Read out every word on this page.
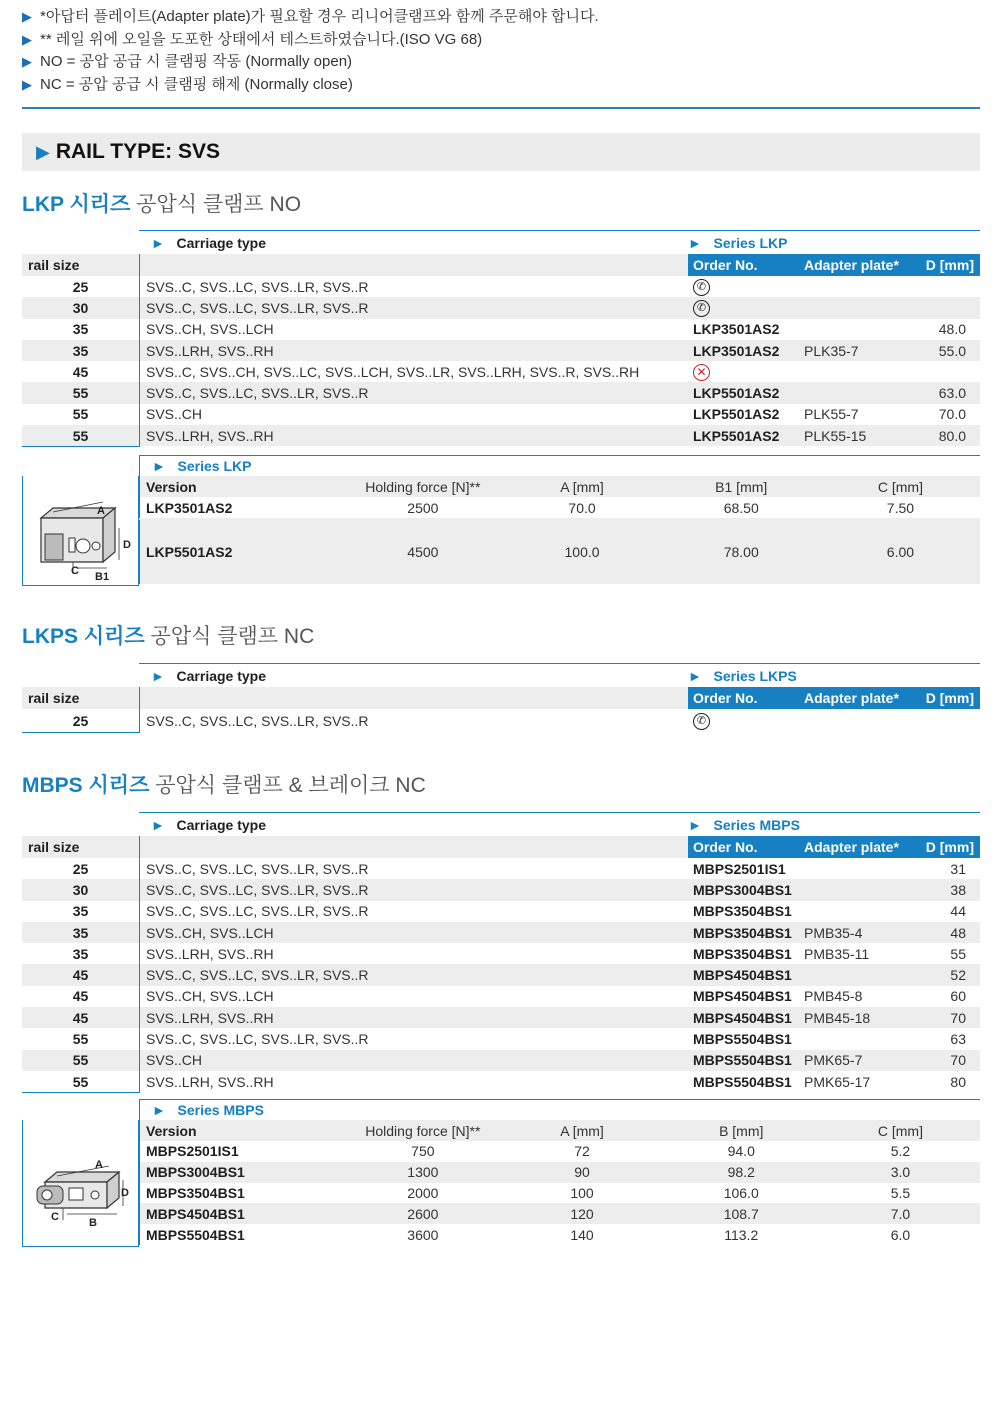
▶ *아답터 플레이트(Adapter plate)가 필요할 경우 리니어클램프와 함께 주문해야 합니다.
▶ ** 레일 위에 오일을 도포한 상태에서 테스트하였습니다.(ISO VG 68)
▶ NO = 공압 공급 시 클램핑 작동 (Normally open)
▶ NC = 공압 공급 시 클램핑 해제 (Normally close)
▶ RAIL TYPE: SVS
LKP 시리즈 공압식 클램프 NO
► Carriage type	► Series LKP
rail size	Order No.	Adapter plate*	D [mm]
25	SVS..C, SVS..LC, SVS..LR, SVS..R	✆
30	SVS..C, SVS..LC, SVS..LR, SVS..R	✆
35	SVS..CH, SVS..LCH	LKP3501AS2	48.0
35	SVS..LRH, SVS..RH	LKP3501AS2	PLK35-7	55.0
45	SVS..C, SVS..CH, SVS..LC, SVS..LCH, SVS..LR, SVS..LRH, SVS..R, SVS..RH	✕
55	SVS..C, SVS..LC, SVS..LR, SVS..R	LKP5501AS2	63.0
55	SVS..CH	LKP5501AS2	PLK55-7	70.0
55	SVS..LRH, SVS..RH	LKP5501AS2	PLK55-15	80.0
► Series LKP
Version	Holding force [N]**	A [mm]	B1 [mm]	C [mm]
LKP3501AS2	2500	70.0	68.50	7.50
LKP5501AS2	4500	100.0	78.00	6.00
A
D
C B1
LKPS 시리즈 공압식 클램프 NC
► Carriage type	► Series LKPS
rail size	Order No.	Adapter plate*	D [mm]
25	SVS..C, SVS..LC, SVS..LR, SVS..R	✆
MBPS 시리즈 공압식 클램프 & 브레이크 NC
► Carriage type	► Series MBPS
rail size	Order No.	Adapter plate*	D [mm]
25	SVS..C, SVS..LC, SVS..LR, SVS..R	MBPS2501IS1	31
30	SVS..C, SVS..LC, SVS..LR, SVS..R	MBPS3004BS1	38
35	SVS..C, SVS..LC, SVS..LR, SVS..R	MBPS3504BS1	44
35	SVS..CH, SVS..LCH	MBPS3504BS1 PMB35-4	48
35	SVS..LRH, SVS..RH	MBPS3504BS1 PMB35-11	55
45	SVS..C, SVS..LC, SVS..LR, SVS..R	MBPS4504BS1	52
45	SVS..CH, SVS..LCH	MBPS4504BS1 PMB45-8	60
45	SVS..LRH, SVS..RH	MBPS4504BS1 PMB45-18	70
55	SVS..C, SVS..LC, SVS..LR, SVS..R	MBPS5504BS1	63
55	SVS..CH	MBPS5504BS1 PMK65-7	70
55	SVS..LRH, SVS..RH	MBPS5504BS1 PMK65-17	80
► Series MBPS
Version	Holding force [N]**	A [mm]	B [mm]	C [mm]
MBPS2501IS1	750	72	94.0	5.2
MBPS3004BS1	1300	90	98.2	3.0
MBPS3504BS1	2000	100	106.0	5.5
MBPS4504BS1	2600	120	108.7	7.0
MBPS5504BS1	3600	140	113.2	6.0
A
D
C	B
